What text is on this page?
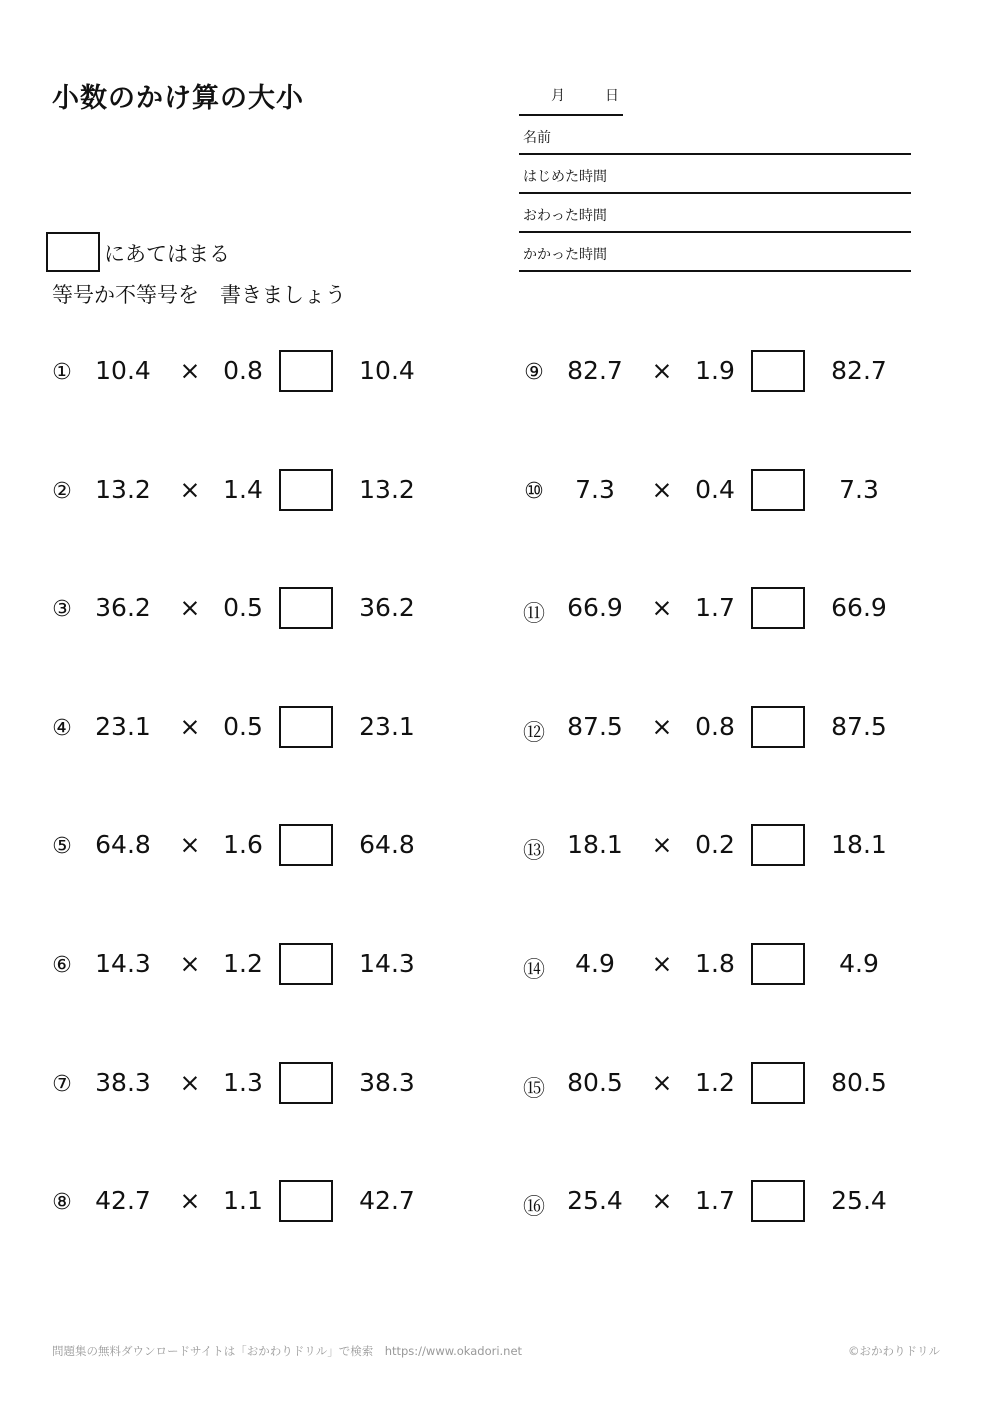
小数のかけ算の大小	月	日
名前
はじめた時間
おわった時間
かかった時間
にあてはまる
等号か不等号を　書きましょう
① 10.4	× 0.8	10.4
② 13.2	× 1.4	13.2
③ 36.2	× 0.5	36.2
④ 23.1	× 0.5	23.1
⑤ 64.8	× 1.6	64.8
⑥ 14.3	× 1.2	14.3
⑦ 38.3	× 1.3	38.3
⑧ 42.7	× 1.1	42.7
⑨ 82.7	× 1.9	82.7
⑩	7.3	× 0.4	7.3
⑪ 66.9	× 1.7	66.9
⑫ 87.5	× 0.8	87.5
⑬ 18.1	× 0.2	18.1
⑭	4.9	× 1.8	4.9
⑮ 80.5	× 1.2	80.5
⑯ 25.4	× 1.7	25.4
問題集の無料ダウンロードサイトは「おかわりドリル」で検索　https://www.okadori.net	©おかわりドリル
